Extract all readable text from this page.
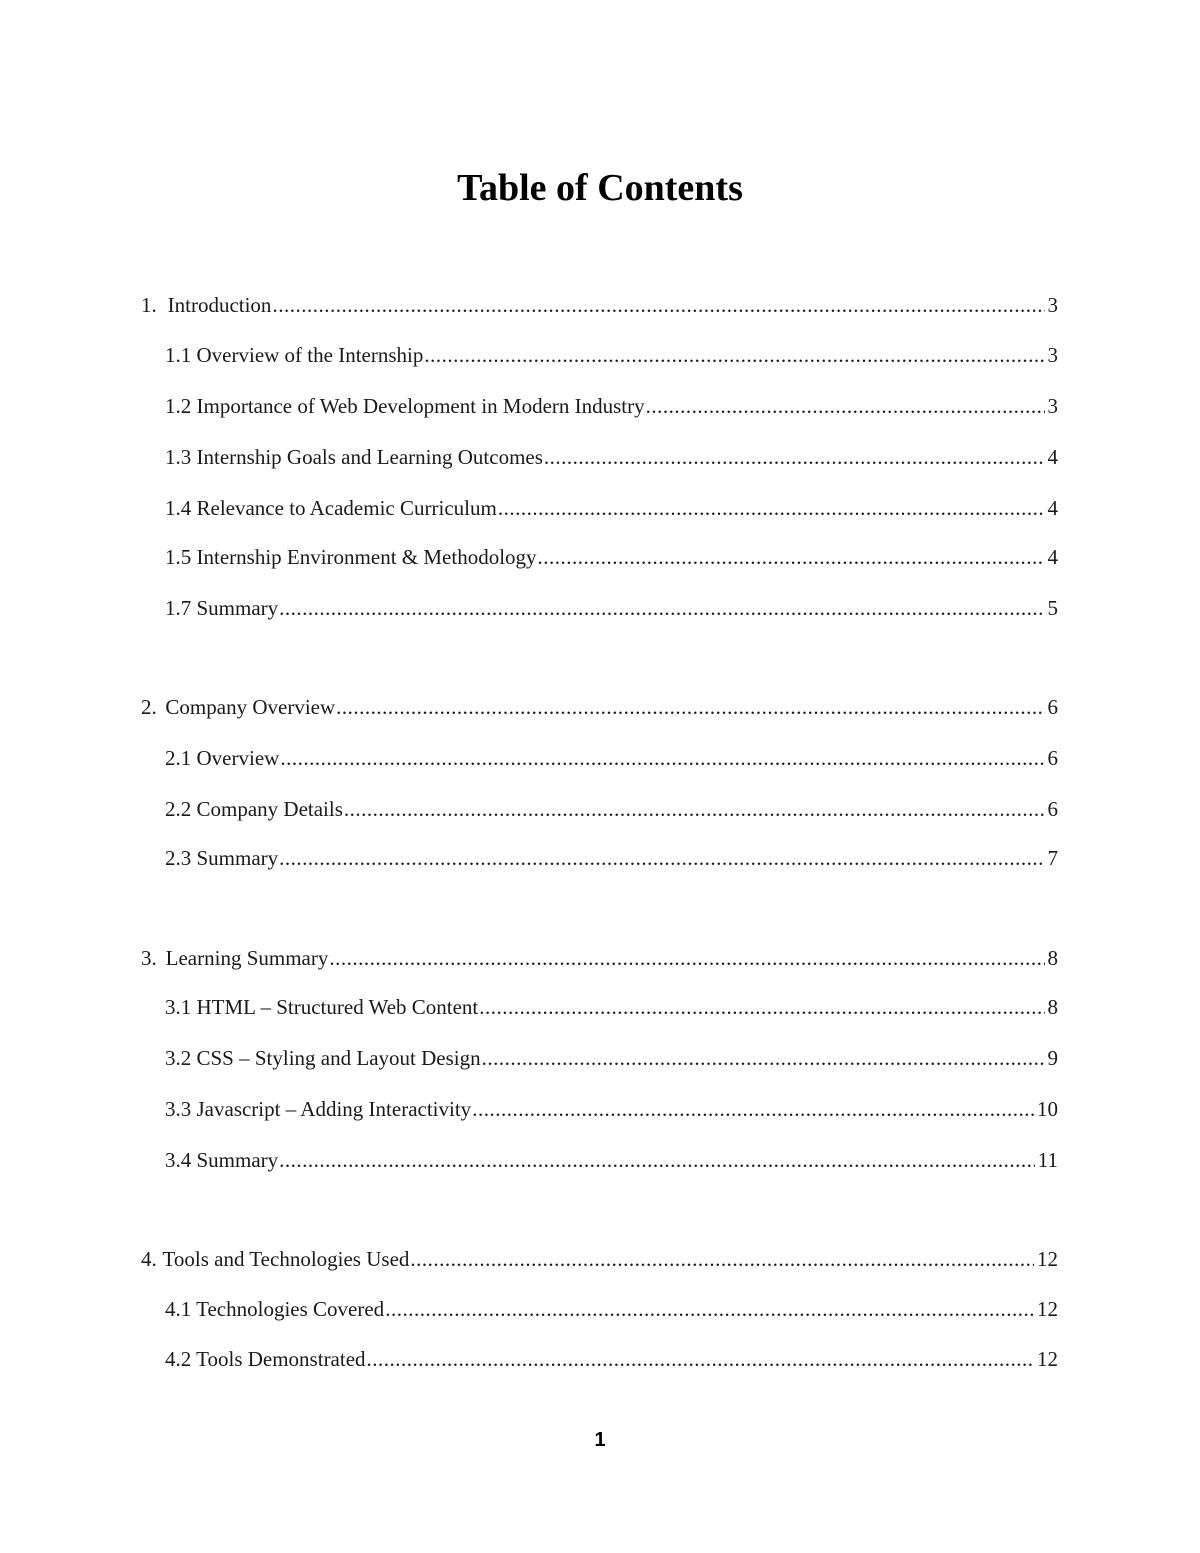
Table of Contents
1. Introduction .....	3
1.1 Overview of the Internship .....	3
1.2 Importance of Web Development in Modern Industry .....	3
1.3 Internship Goals and Learning Outcomes .....	4
1.4 Relevance to Academic Curriculum .....	4
1.5 Internship Environment & Methodology .....	4
1.7 Summary .....	5
2. Company Overview .....	6
2.1 Overview .....	6
2.2 Company Details .....	6
2.3 Summary .....	7
3. Learning Summary .....	8
3.1 HTML – Structured Web Content .....	8
3.2 CSS – Styling and Layout Design .....	9
3.3 Javascript – Adding Interactivity .....	10
3.4 Summary .....	11
4. Tools and Technologies Used .....	12
4.1 Technologies Covered .....	12
4.2 Tools Demonstrated .....	12
1
